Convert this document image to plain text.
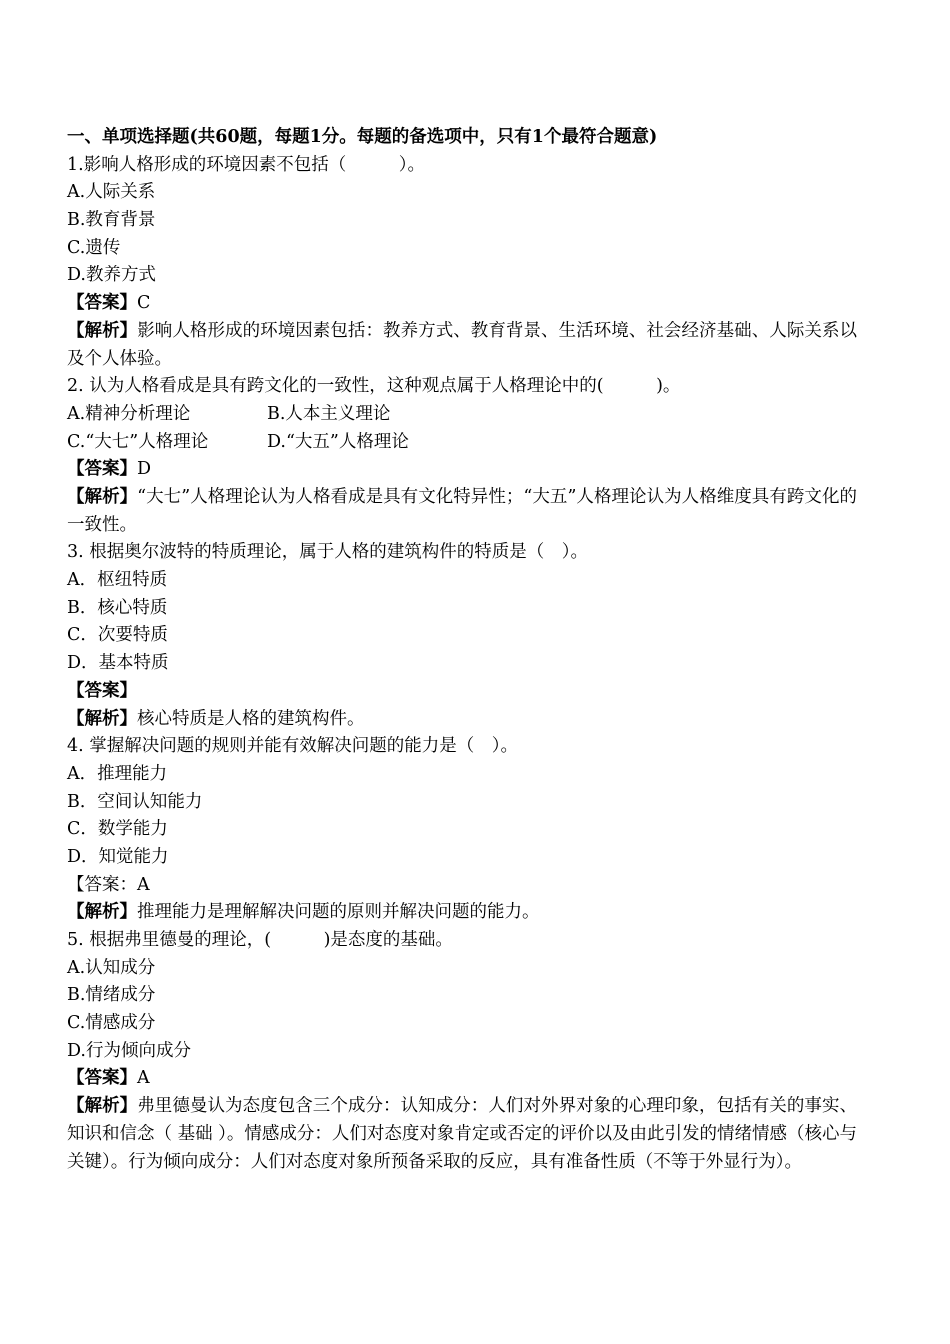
一、单项选择题(共60题，每题1分。每题的备选项中，只有1个最符合题意)
1.影响人格形成的环境因素不包括（　　　）。
A.人际关系
B.教育背景
C.遗传
D.教养方式
【答案】C
【解析】影响人格形成的环境因素包括：教养方式、教育背景、生活环境、社会经济基础、人际关系以及个人体验。
2. 认为人格看成是具有跨文化的一致性，这种观点属于人格理论中的(　　　)。
A.精神分析理论	B.人本主义理论
C.“大七”人格理论	D.“大五”人格理论
【答案】D
【解析】“大七”人格理论认为人格看成是具有文化特异性；“大五”人格理论认为人格维度具有跨文化的一致性。
3. 根据奥尔波特的特质理论，属于人格的建筑构件的特质是（　）。
A．枢纽特质
B．核心特质
C．次要特质
D．基本特质
【答案】
【解析】核心特质是人格的建筑构件。
4. 掌握解决问题的规则并能有效解决问题的能力是（　）。
A．推理能力
B．空间认知能力
C．数学能力
D．知觉能力
【答案：A
【解析】推理能力是理解解决问题的原则并解决问题的能力。
5. 根据弗里德曼的理论，(　　　)是态度的基础。
A.认知成分
B.情绪成分
C.情感成分
D.行为倾向成分
【答案】A
【解析】弗里德曼认为态度包含三个成分：认知成分：人们对外界对象的心理印象，包括有关的事实、知识和信念（ 基础 ）。情感成分：人们对态度对象肯定或否定的评价以及由此引发的情绪情感（核心与关键）。行为倾向成分：人们对态度对象所预备采取的反应，具有准备性质（不等于外显行为）。
